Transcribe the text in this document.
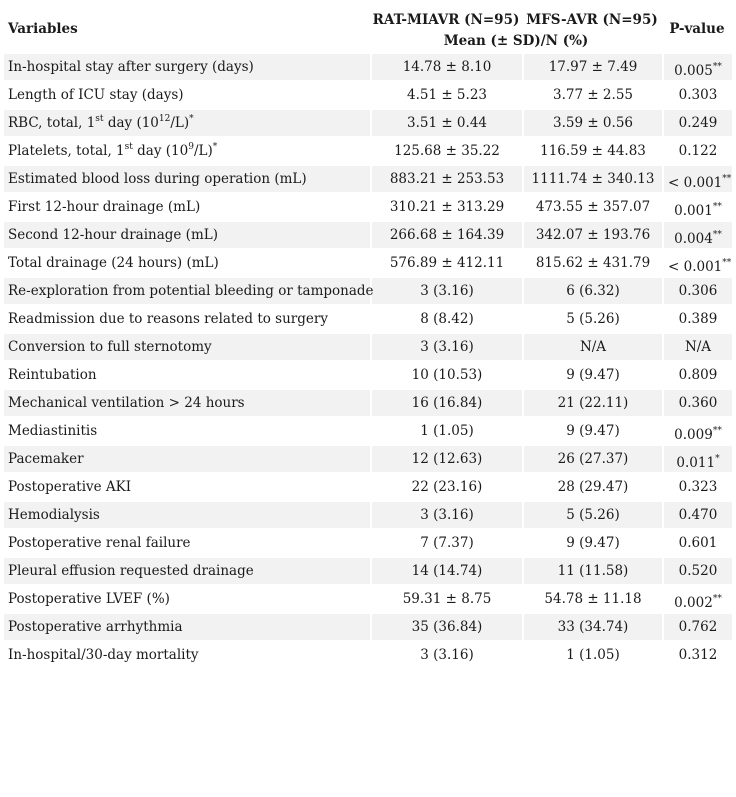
Variables	RAT-MIAVR (N=95)	MFS-AVR (N=95)	P-value
	Mean (± SD)/N (%)		
In-hospital stay after surgery (days)	14.78 ± 8.10	17.97 ± 7.49	0.005**
Length of ICU stay (days)	4.51 ± 5.23	3.77 ± 2.55	0.303
RBC, total, 1st day $(10^{12}/L)^*$	3.51 ± 0.44	3.59 ± 0.56	0.249
Platelets, total, 1st day $(10^9/L)^*$	125.68 ± 35.22	116.59 ± 44.83	0.122
Estimated blood loss during operation (mL)	883.21 ± 253.53	1111.74 ± 340.13	< 0.001**
First 12-hour drainage (mL)	310.21 ± 313.29	473.55 ± 357.07	0.001**
Second 12-hour drainage (mL)	266.68 ± 164.39	342.07 ± 193.76	0.004**
Total drainage (24 hours) (mL)	576.89 ± 412.11	815.62 ± 431.79	< 0.001**
Re-exploration from potential bleeding or tamponade	3 (3.16)	6 (6.32)	0.306
Readmission due to reasons related to surgery	8 (8.42)	5 (5.26)	0.389
Conversion to full sternotomy	3 (3.16)	N/A	N/A
Reintubation	10 (10.53)	9 (9.47)	0.809
Mechanical ventilation > 24 hours	16 (16.84)	21 (22.11)	0.360
Mediastinitis	1 (1.05)	9 (9.47)	0.009**
Pacemaker	12 (12.63)	26 (27.37)	0.011*
Postoperative AKI	22 (23.16)	28 (29.47)	0.323
Hemodialysis	3 (3.16)	5 (5.26)	0.470
Postoperative renal failure	7 (7.37)	9 (9.47)	0.601
Pleural effusion requested drainage	14 (14.74)	11 (11.58)	0.520
Postoperative LVEF (%)	59.31 ± 8.75	54.78 ± 11.18	0.002**
Postoperative arrhythmia	35 (36.84)	33 (34.74)	0.762
In-hospital/30-day mortality	3 (3.16)	1 (1.05)	0.312
